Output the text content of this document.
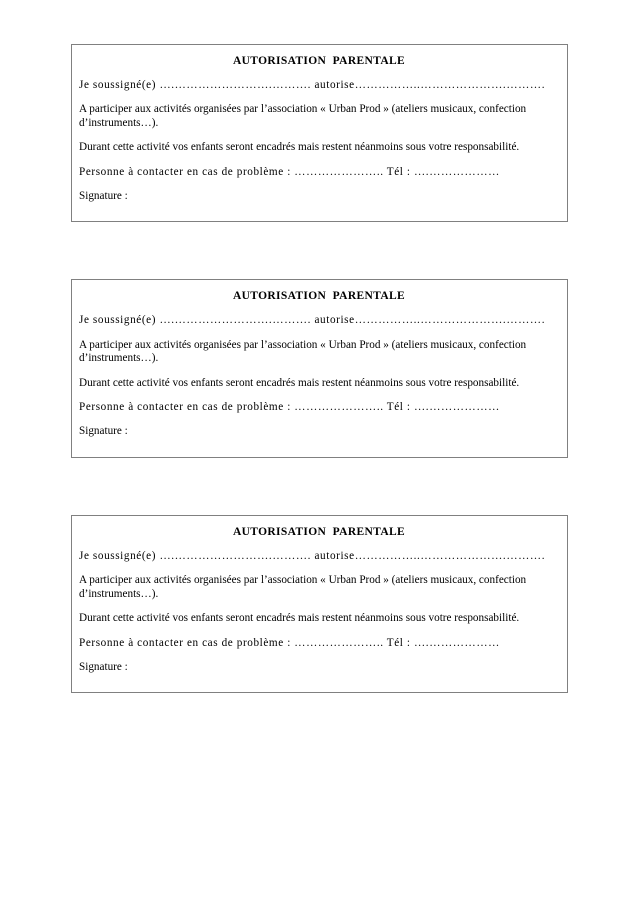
AUTORISATION  PARENTALE

Je soussigné(e) ….…………………….………. autorise……………..………………….……….

A participer aux activités organisées par l’association « Urban Prod » (ateliers musicaux, confection d’instruments…).

Durant cette activité vos enfants seront encadrés mais restent néanmoins sous votre responsabilité.

Personne à contacter en cas de problème : ………………….. Tél : ….………………

Signature :

AUTORISATION  PARENTALE

Je soussigné(e) ….…………………….………. autorise……………..………………….……….

A participer aux activités organisées par l’association « Urban Prod » (ateliers musicaux, confection d’instruments…).

Durant cette activité vos enfants seront encadrés mais restent néanmoins sous votre responsabilité.

Personne à contacter en cas de problème : ………………….. Tél : ….………………

Signature :

AUTORISATION  PARENTALE

Je soussigné(e) ….…………………….………. autorise……………..………………….……….

A participer aux activités organisées par l’association « Urban Prod » (ateliers musicaux, confection d’instruments…).

Durant cette activité vos enfants seront encadrés mais restent néanmoins sous votre responsabilité.

Personne à contacter en cas de problème : ………………….. Tél : ….………………

Signature :
